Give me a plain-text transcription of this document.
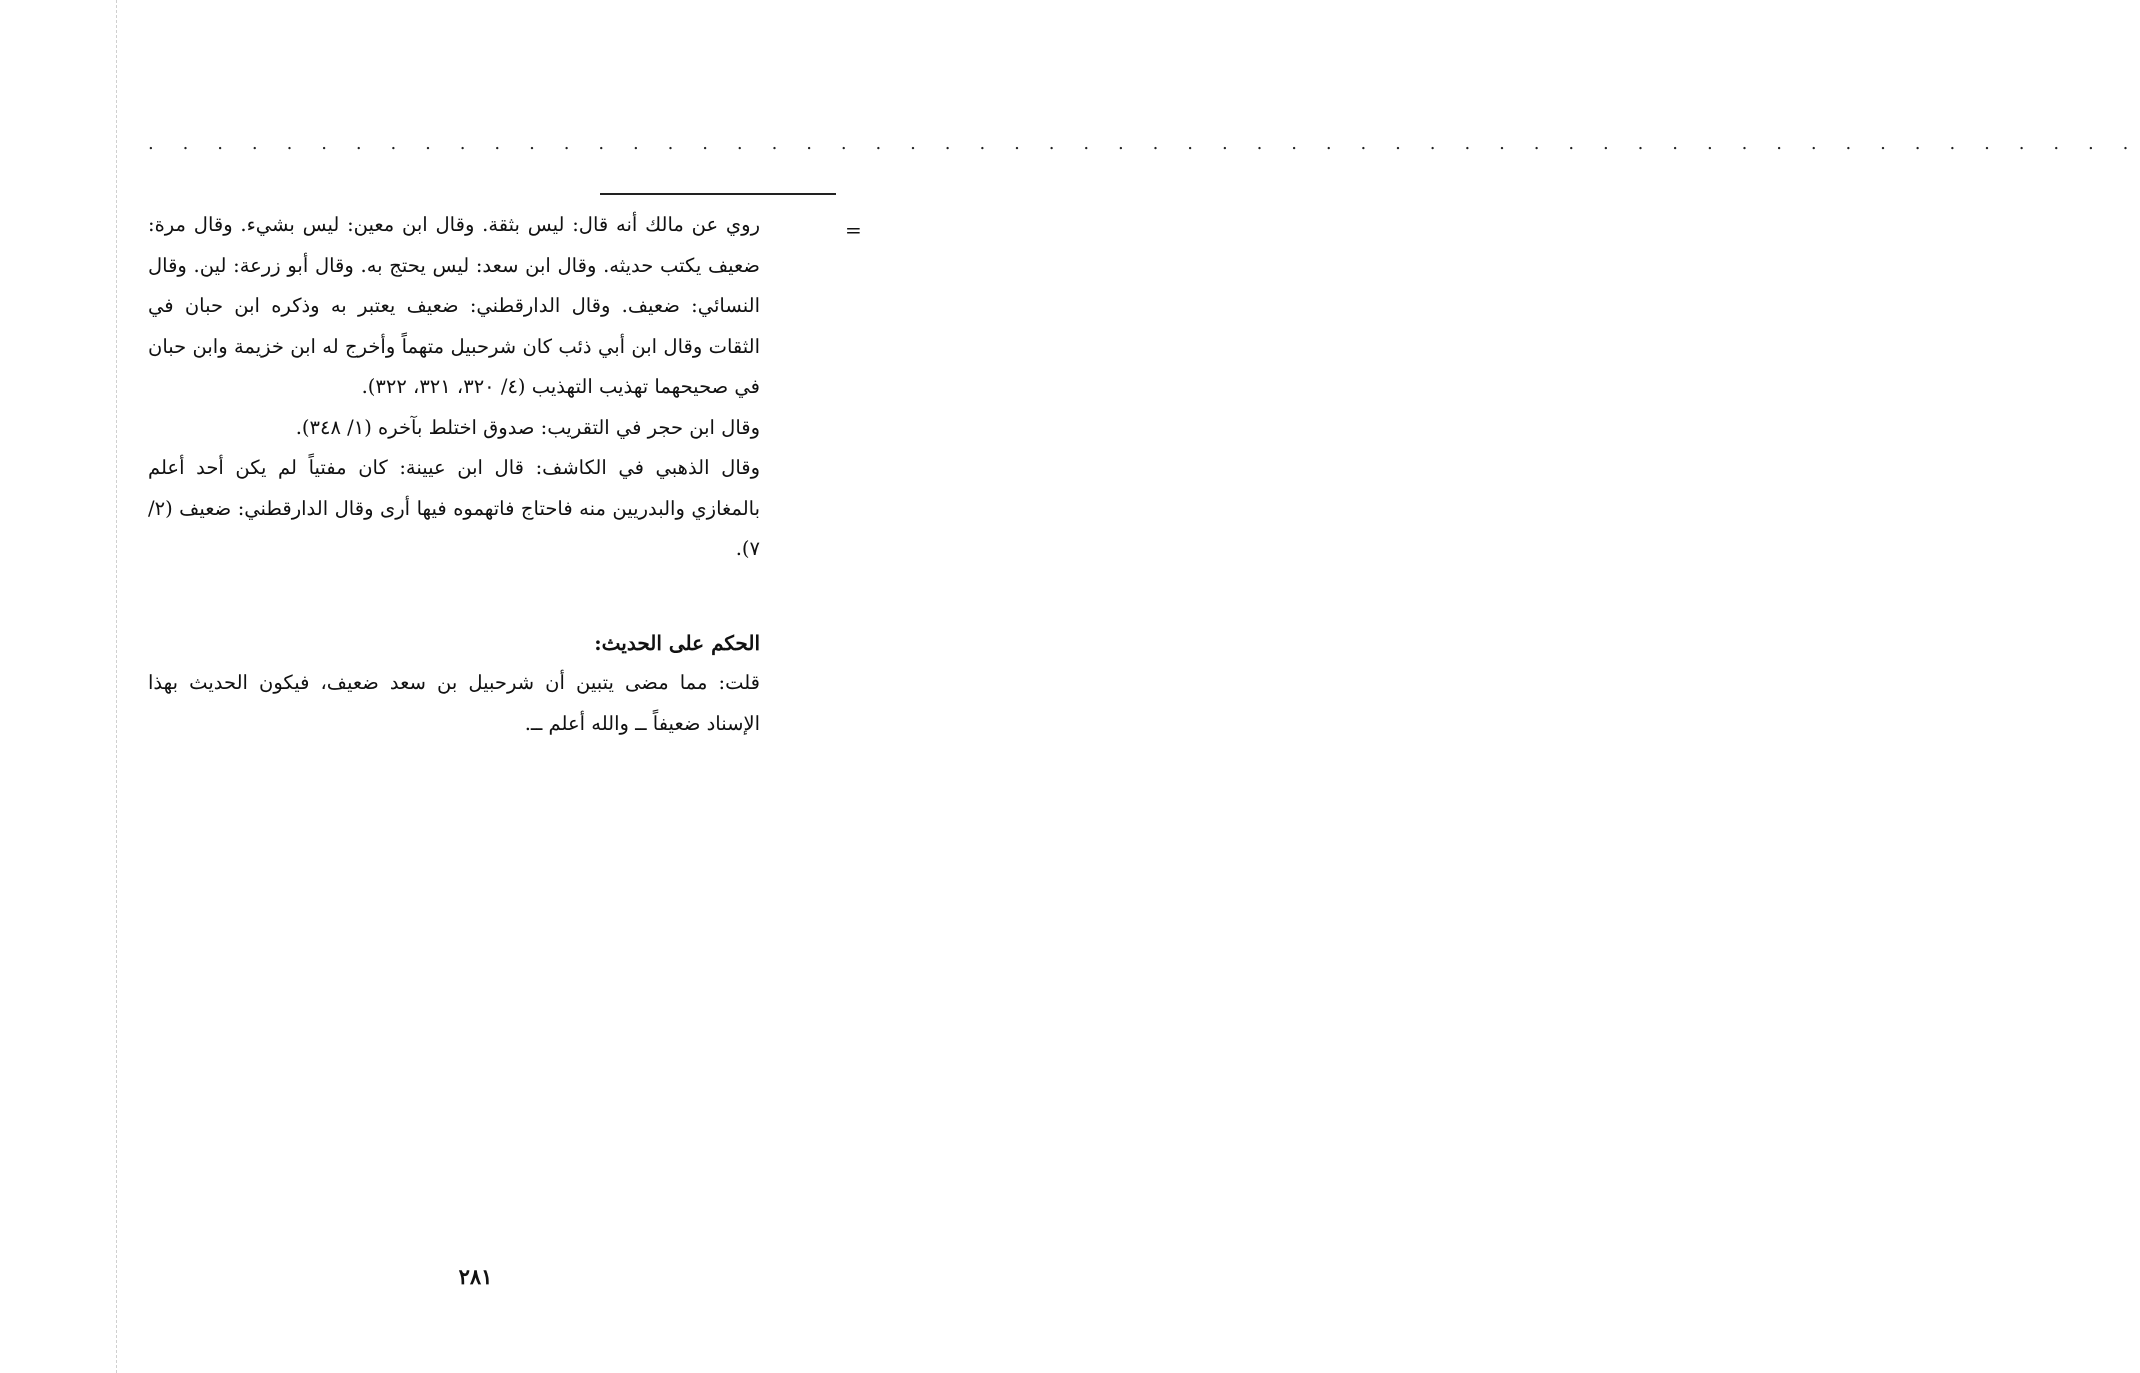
. . . . . . . . . . . . . . . . . . . . . . . . . . . . . . . . . . . . . . . . . . . . . . . . . . . . . . . . . .
=

روي عن مالك أنه قال: ليس بثقة. وقال ابن معين: ليس بشيء. وقال مرة: ضعيف يكتب حديثه. وقال ابن سعد: ليس يحتج به. وقال أبو زرعة: لين. وقال النسائي: ضعيف. وقال الدارقطني: ضعيف يعتبر به وذكره ابن حبان في الثقات وقال ابن أبي ذئب كان شرحبيل متهماً وأخرج له ابن خزيمة وابن حبان في صحيحهما تهذيب التهذيب (٤/ ٣٢٠، ٣٢١، ٣٢٢).

وقال ابن حجر في التقريب: صدوق اختلط بآخره (١/ ٣٤٨).

وقال الذهبي في الكاشف: قال ابن عيينة: كان مفتياً لم يكن أحد أعلم بالمغازي والبدريين منه فاحتاج فاتهموه فيها أرى وقال الدارقطني: ضعيف (٢/ ٧).

الحكم على الحديث:

قلت: مما مضى يتبين أن شرحبيل بن سعد ضعيف، فيكون الحديث بهذا الإسناد ضعيفاً ــ والله أعلم ــ.

٢٨١
